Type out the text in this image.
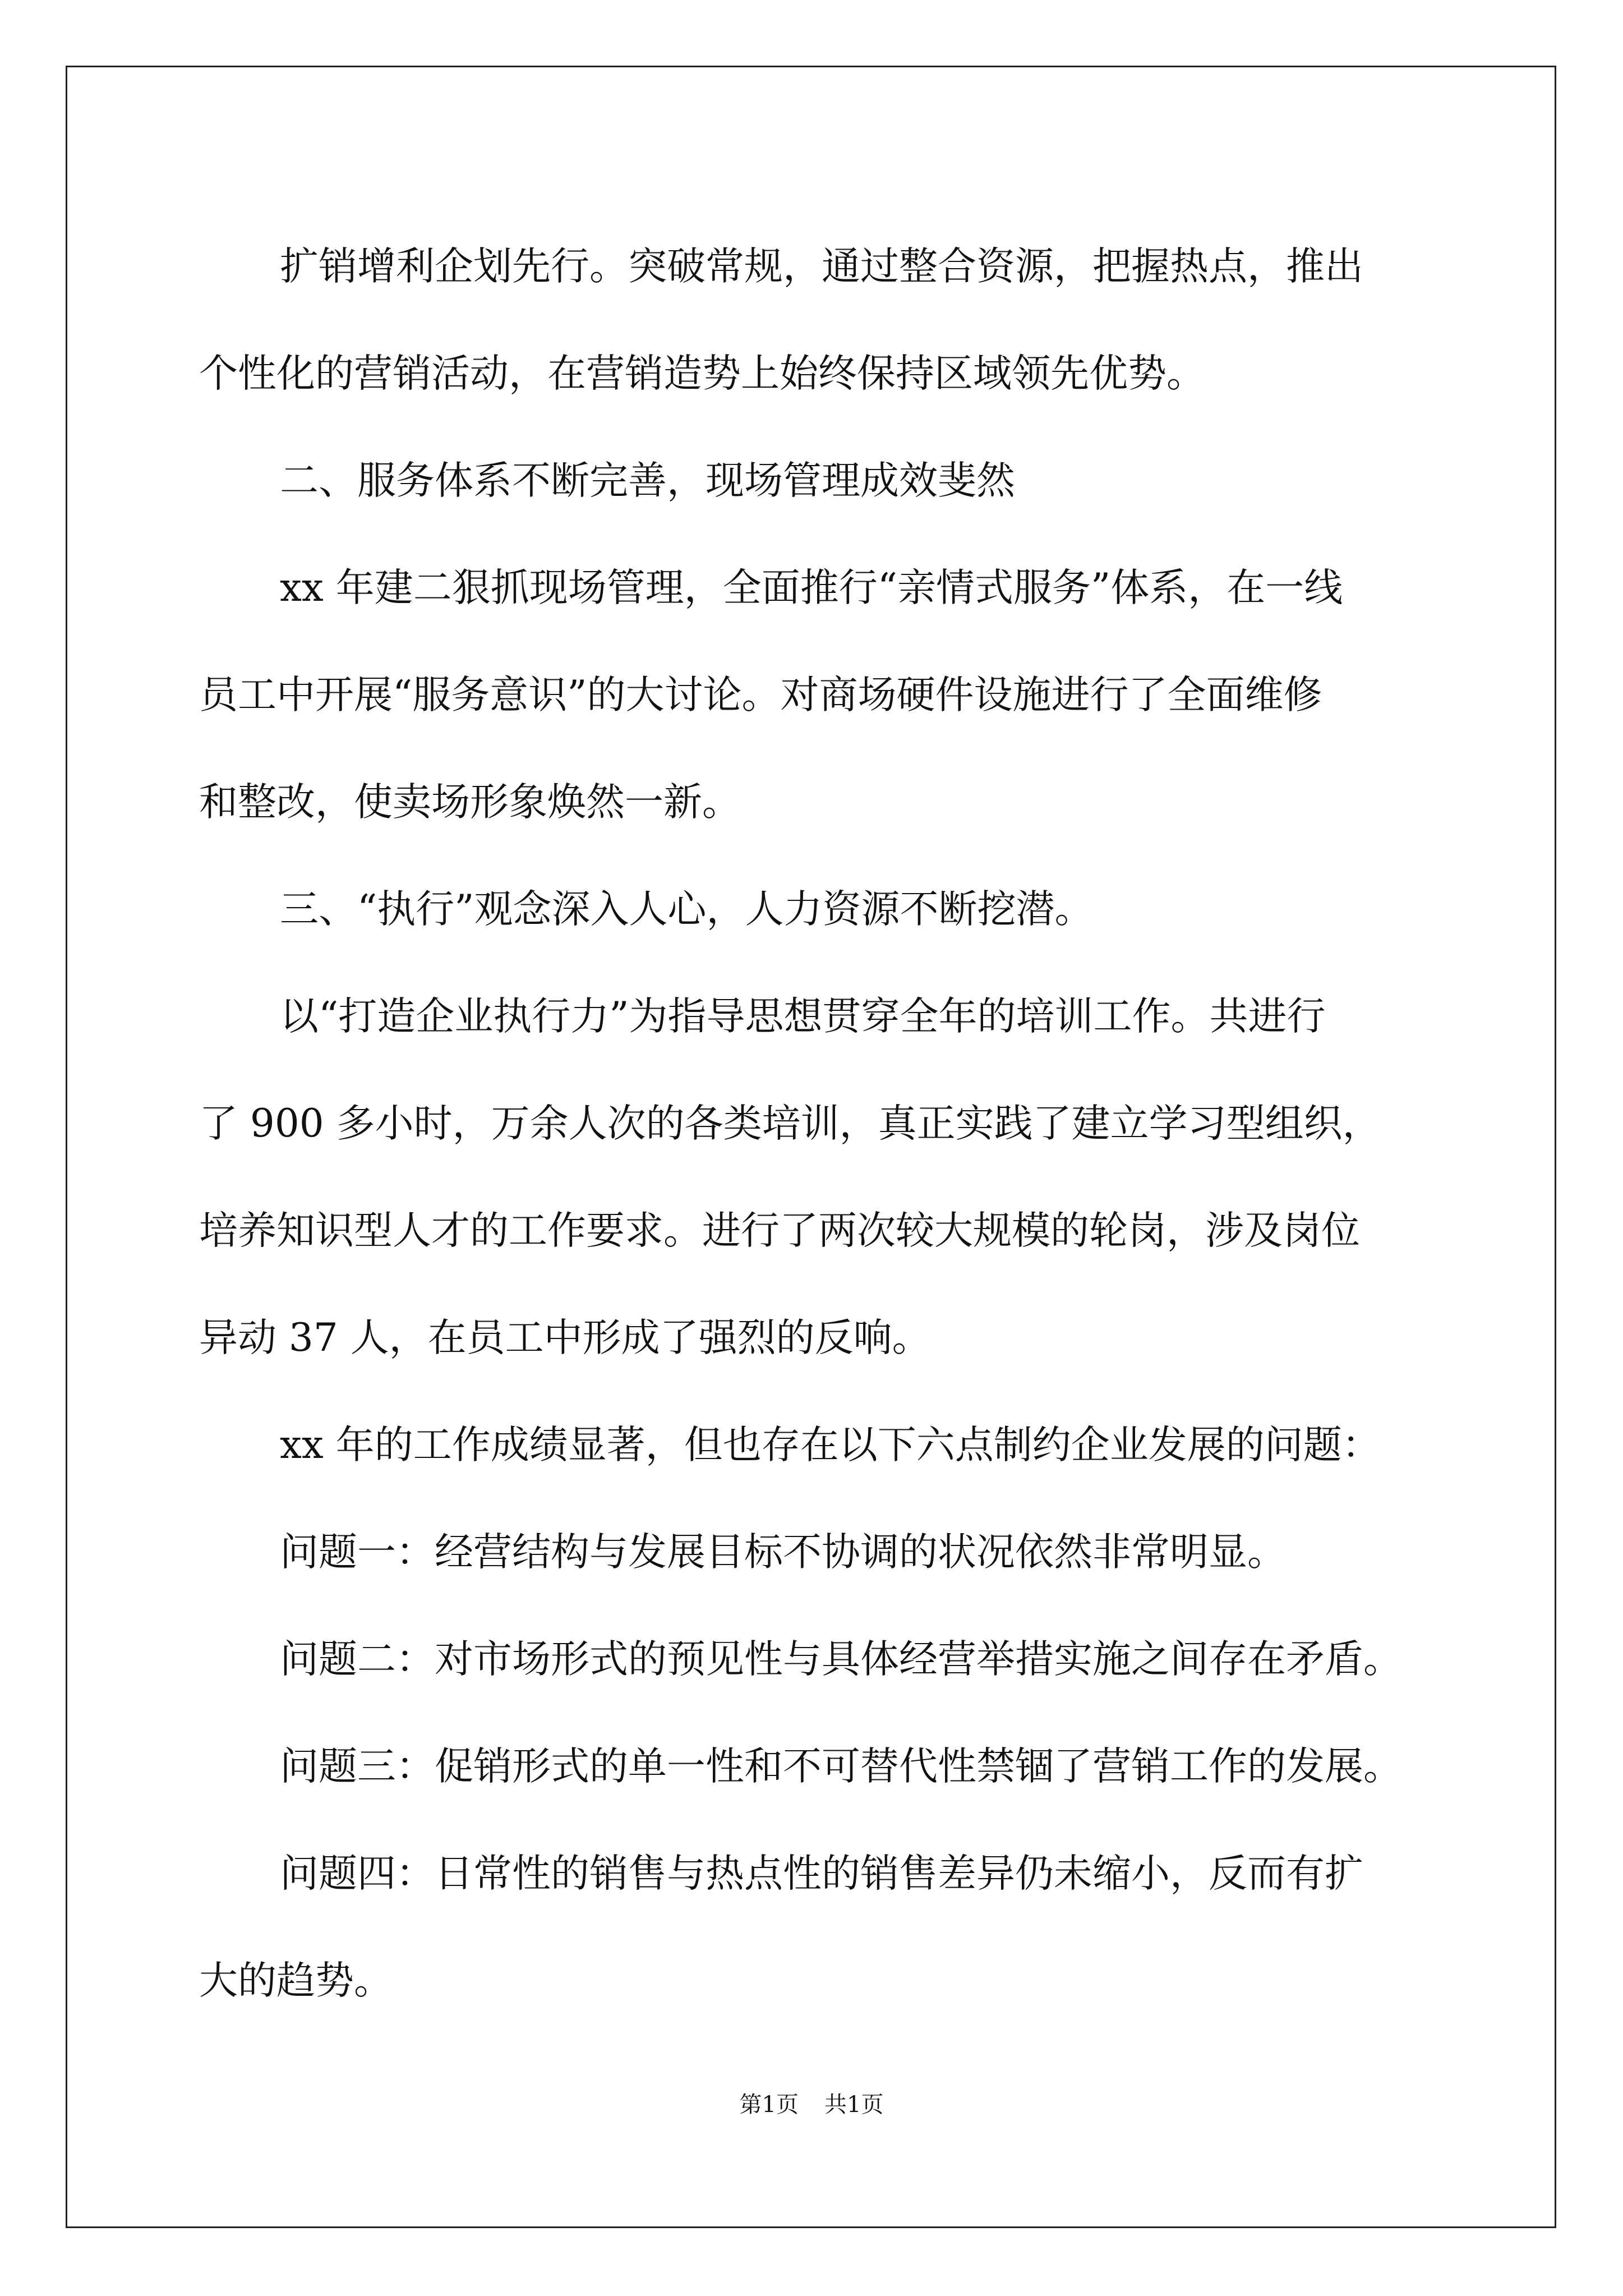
扩销增利企划先行。突破常规，通过整合资源，把握热点，推出

个性化的营销活动，在营销造势上始终保持区域领先优势。

二、服务体系不断完善，现场管理成效斐然

xx 年建二狠抓现场管理，全面推行“亲情式服务”体系，在一线

员工中开展“服务意识”的大讨论。对商场硬件设施进行了全面维修

和整改，使卖场形象焕然一新。

三、“执行”观念深入人心，人力资源不断挖潜。

以“打造企业执行力”为指导思想贯穿全年的培训工作。共进行

了 900 多小时，万余人次的各类培训，真正实践了建立学习型组织，

培养知识型人才的工作要求。进行了两次较大规模的轮岗，涉及岗位

异动 37 人，在员工中形成了强烈的反响。

xx 年的工作成绩显著，但也存在以下六点制约企业发展的问题：

问题一：经营结构与发展目标不协调的状况依然非常明显。

问题二：对市场形式的预见性与具体经营举措实施之间存在矛盾。

问题三：促销形式的单一性和不可替代性禁锢了营销工作的发展。

问题四：日常性的销售与热点性的销售差异仍未缩小，反而有扩

大的趋势。

第1页 共1页
